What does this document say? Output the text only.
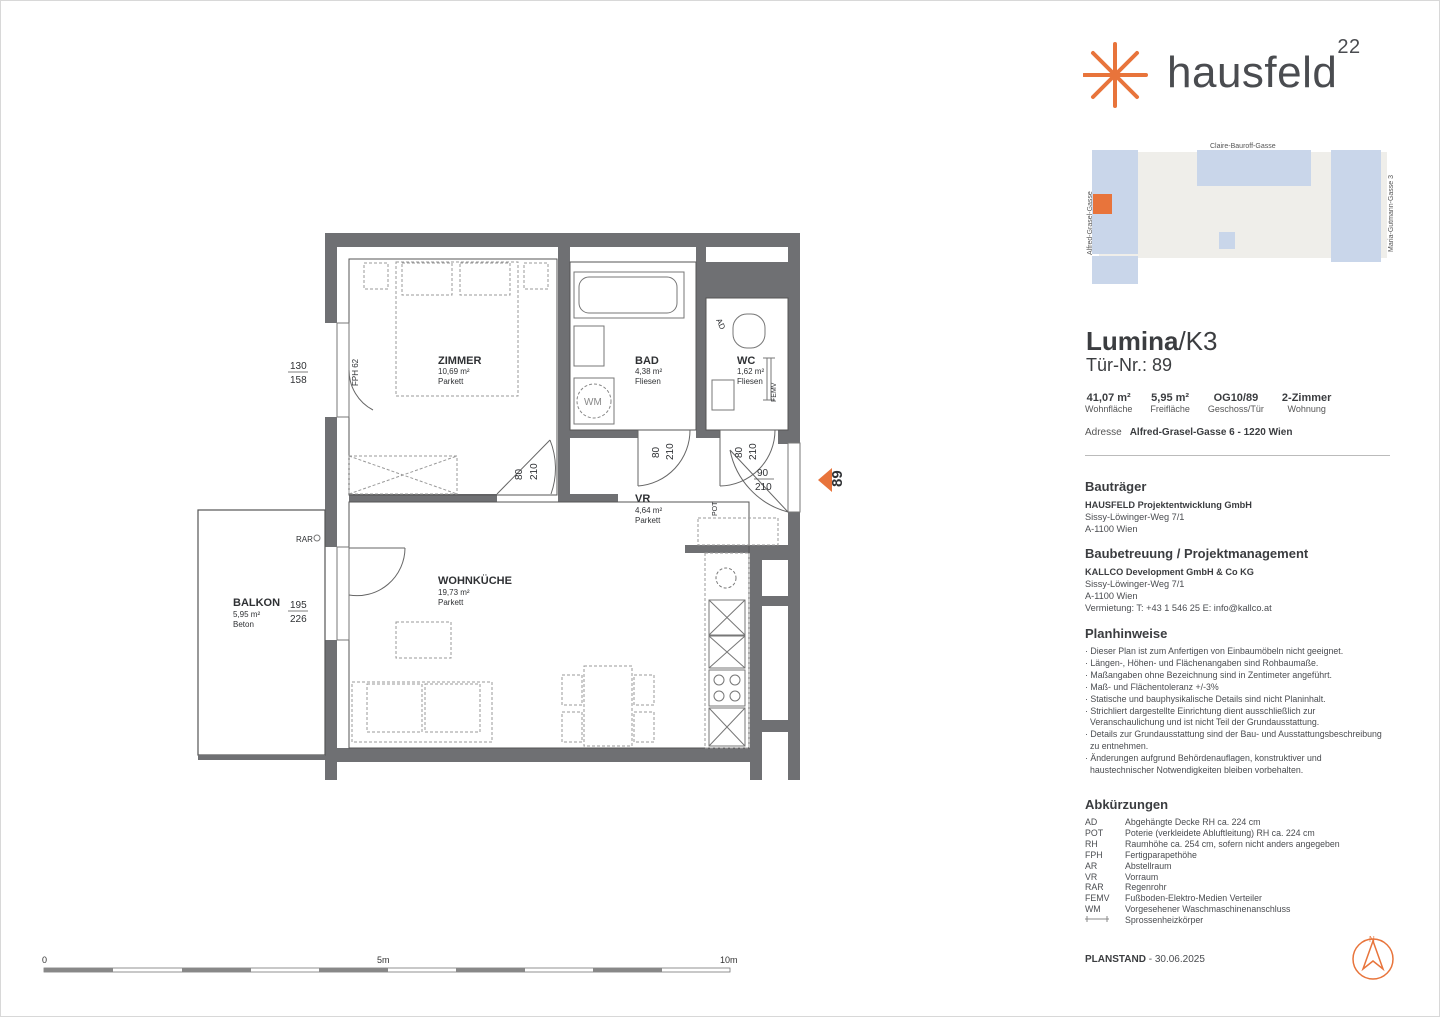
ZIMMER
10,69 m²
Parkett
BAD
4,38 m²
Fliesen
WC
1,62 m²
Fliesen
VR
4,64 m²
Parkett
WOHNKÜCHE
19,73 m²
Parkett
BALKON
5,95 m²
Beton
130
158
195
226
RAR
FPH 62
80 210
80 210	80 210
90
210
AD
FEMV
POT
WM
89
0	5m	10m
hausfeld$^{22}$
Claire-Bauroff-Gasse
Alfred-Grasel-Gasse	Maria-Gutmann-Gasse 3
Lumina/K3
Tür-Nr.: 89
41,07 m²
Wohnfläche
5,95 m²
Freifläche
OG10/89
Geschoss/Tür
2-Zimmer
Wohnung
Adresse Alfred-Grasel-Gasse 6 - 1220 Wien
Bauträger
HAUSFELD Projektentwicklung GmbH
Sissy-Löwinger-Weg 7/1
A-1100 Wien
Baubetreuung / Projektmanagement
KALLCO Development GmbH & Co KG
Sissy-Löwinger-Weg 7/1
A-1100 Wien
Vermietung: T: +43 1 546 25 E: info@kallco.at
Planhinweise
· Dieser Plan ist zum Anfertigen von Einbaumöbeln nicht geeignet.
· Längen-, Höhen- und Flächenangaben sind Rohbaumaße.
· Maßangaben ohne Bezeichnung sind in Zentimeter angeführt.
· Maß- und Flächentoleranz +/-3%
· Statische und bauphysikalische Details sind nicht Planinhalt.
· Strichliert dargestellte Einrichtung dient ausschließlich zur Veranschaulichung und ist nicht Teil der Grundausstattung.
· Details zur Grundausstattung sind der Bau- und Ausstattungsbeschreibung zu entnehmen.
· Änderungen aufgrund Behördenauflagen, konstruktiver und haustechnischer Notwendigkeiten bleiben vorbehalten.
Abkürzungen
AD	Abgehängte Decke RH ca. 224 cm
POT	Poterie (verkleidete Abluftleitung) RH ca. 224 cm
RH	Raumhöhe ca. 254 cm, sofern nicht anders angegeben
FPH	Fertigparapethöhe
AR	Abstellraum
VR	Vorraum
RAR	Regenrohr
FEMV	Fußboden-Elektro-Medien Verteiler
WM	Vorgesehener Waschmaschinenanschluss
Sprossenheizkörper
PLANSTAND - 30.06.2025
N
